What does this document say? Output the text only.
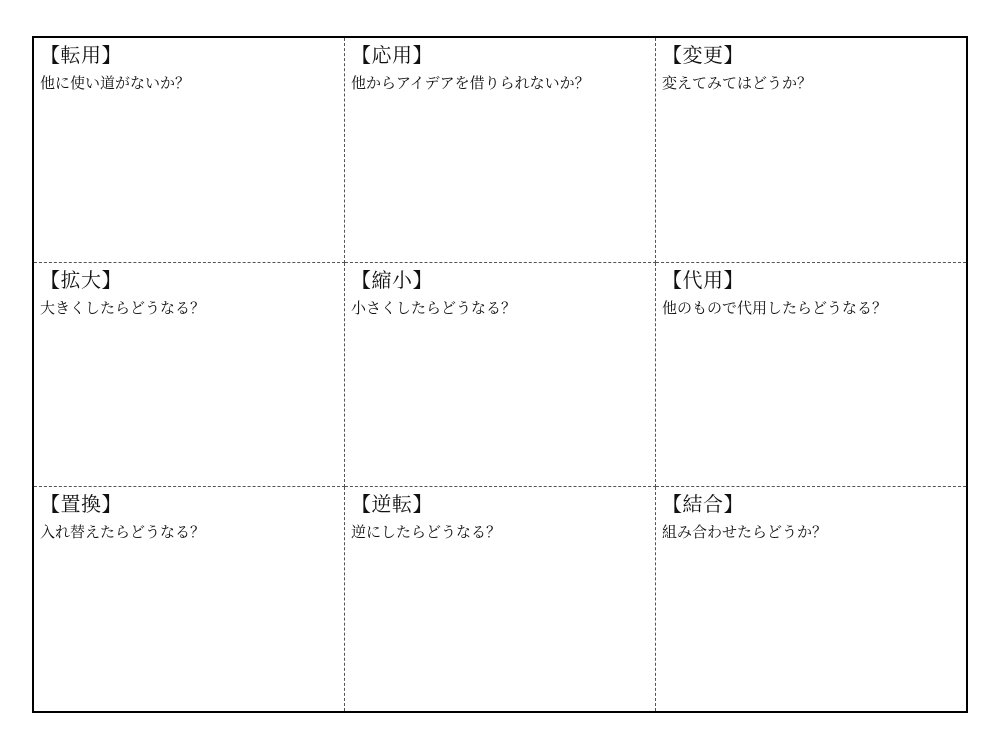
【転用】
他に使い道がないか？
【応用】
他からアイデアを借りられないか？
【変更】
変えてみてはどうか？
【拡大】
大きくしたらどうなる？
【縮小】
小さくしたらどうなる？
【代用】
他のもので代用したらどうなる？
【置換】
入れ替えたらどうなる？
【逆転】
逆にしたらどうなる？
【結合】
組み合わせたらどうか？
